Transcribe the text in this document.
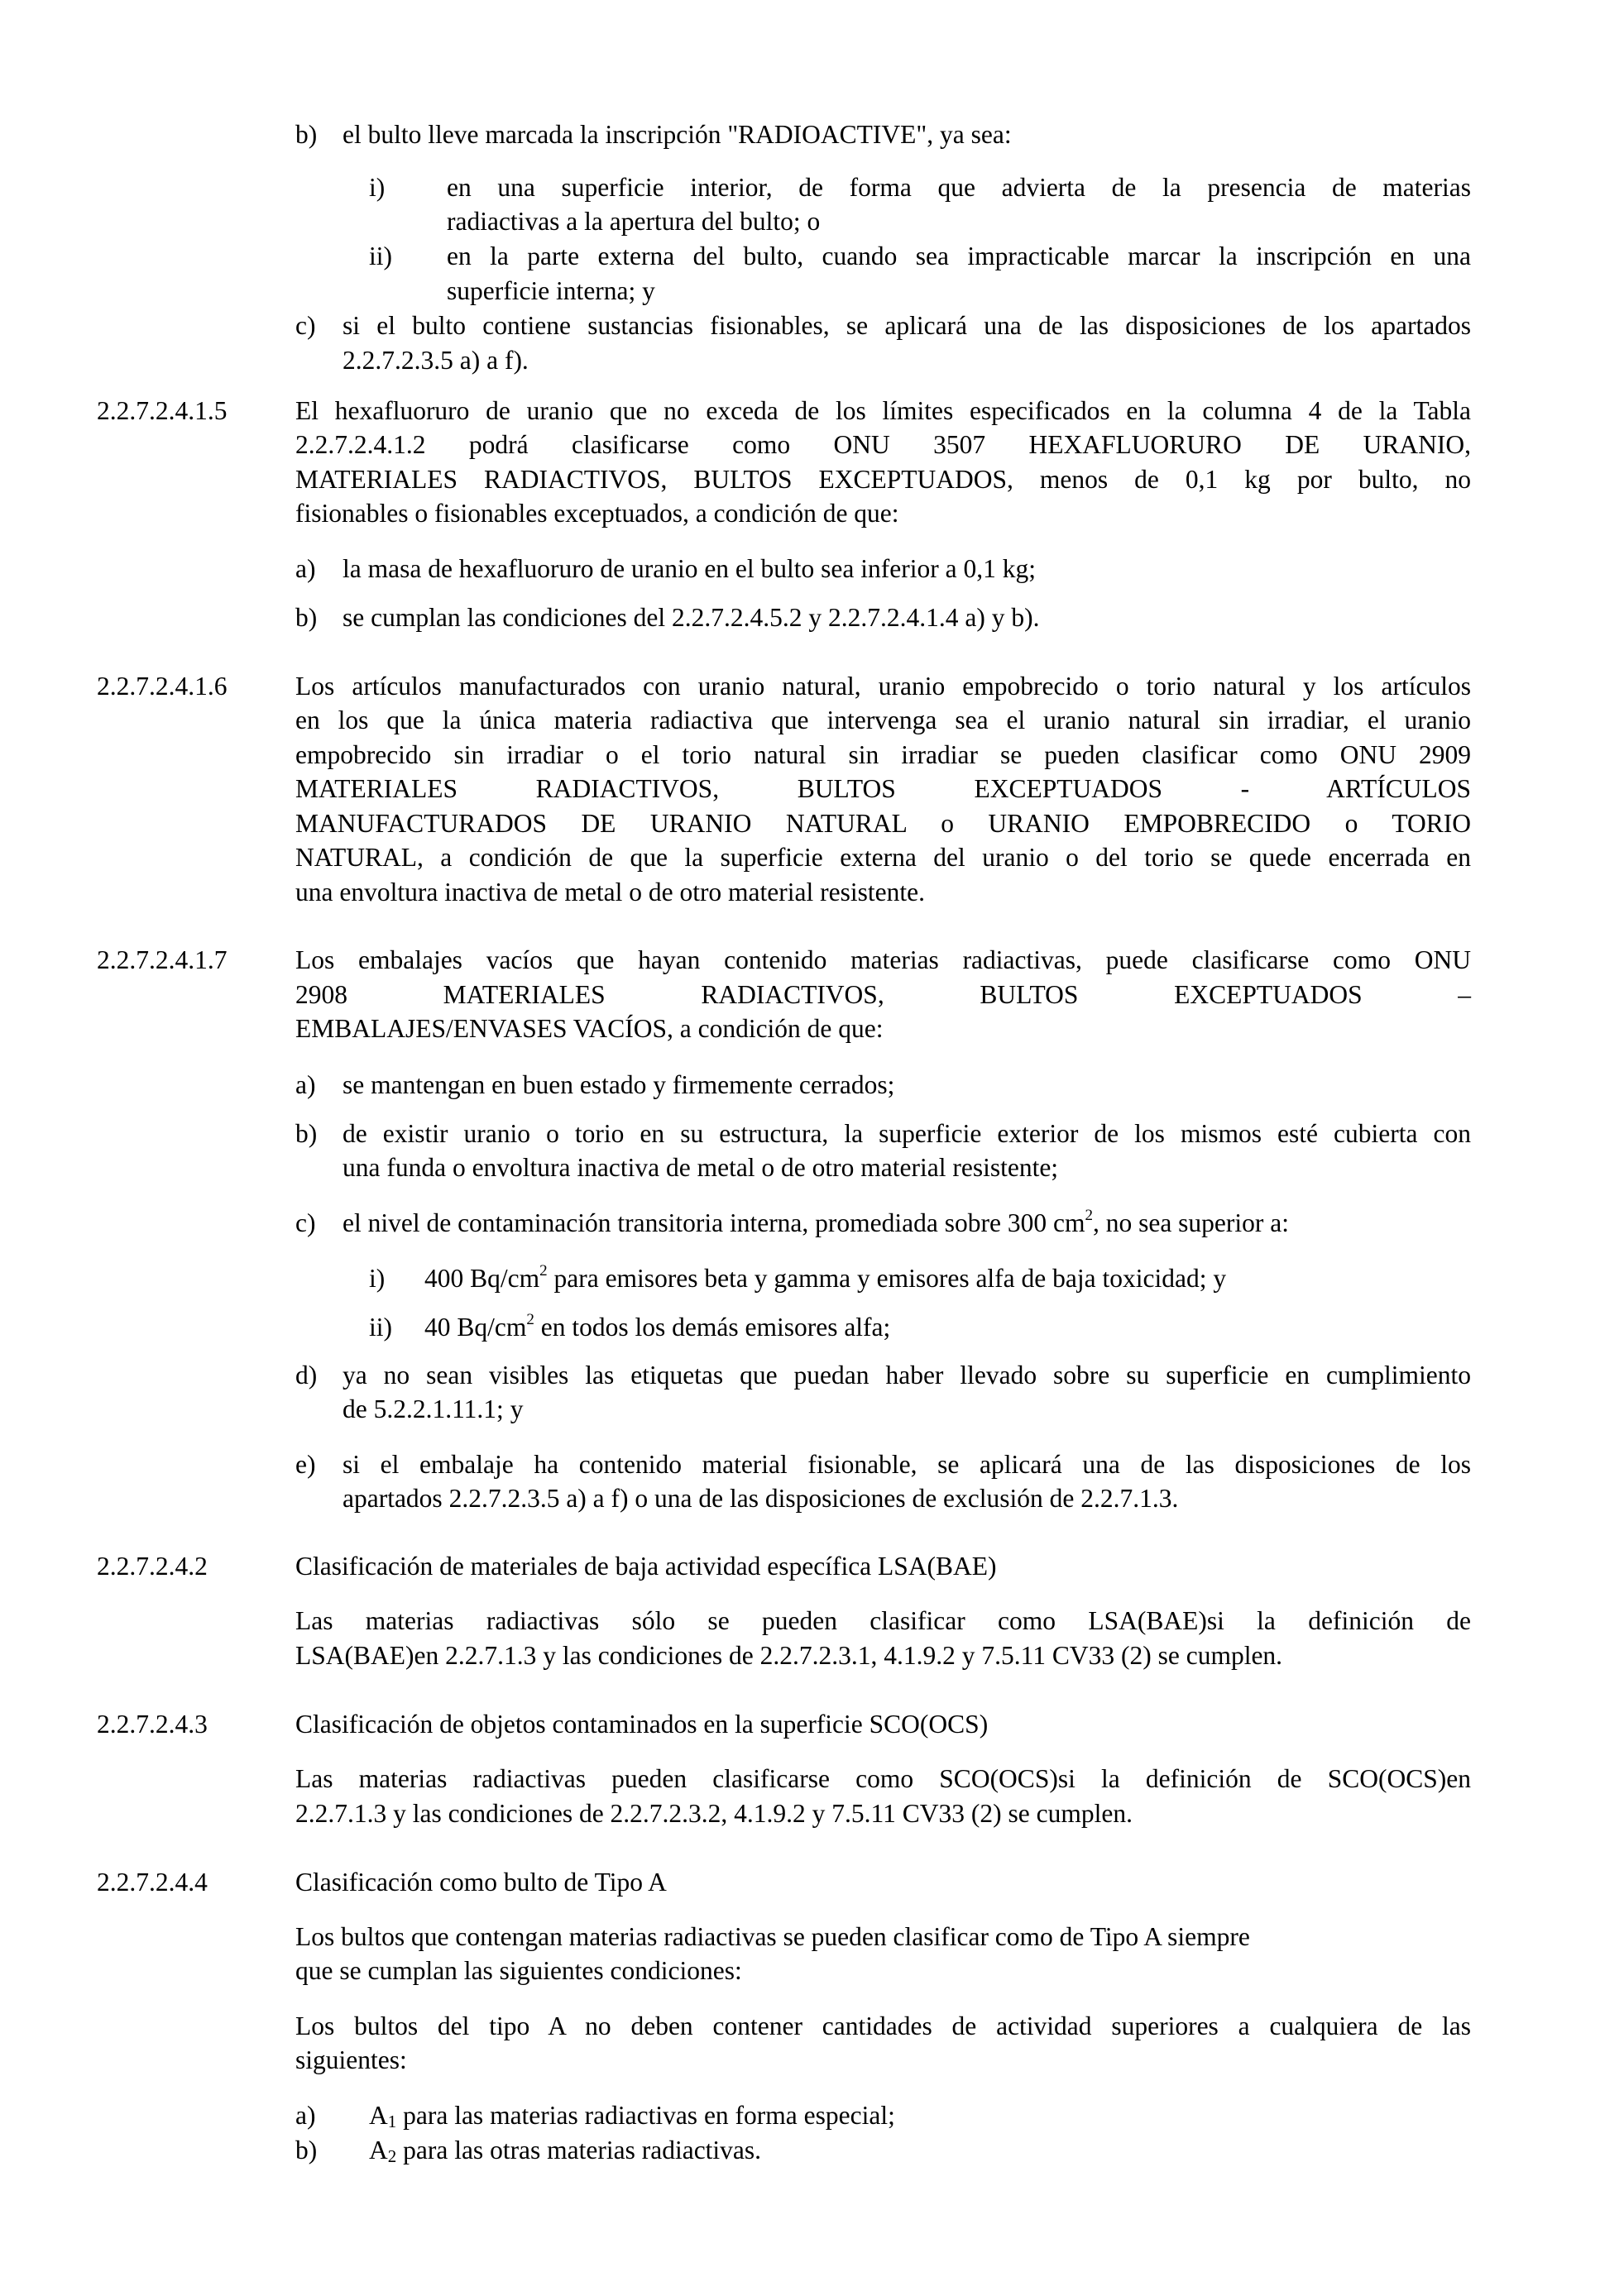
b) el bulto lleve marcada la inscripción "RADIOACTIVE", ya sea:
i) en una superficie interior, de forma que advierta de la presencia de materias
radiactivas a la apertura del bulto; o
ii) en la parte externa del bulto, cuando sea impracticable marcar la inscripción en una
superficie interna; y
c) si el bulto contiene sustancias fisionables, se aplicará una de las disposiciones de los apartados
2.2.7.2.3.5 a) a f).
2.2.7.2.4.1.5	El hexafluoruro de uranio que no exceda de los límites especificados en la columna 4 de la Tabla
2.2.7.2.4.1.2 podrá clasificarse como ONU 3507 HEXAFLUORURO DE URANIO,
MATERIALES RADIACTIVOS, BULTOS EXCEPTUADOS, menos de 0,1 kg por bulto, no
fisionables o fisionables exceptuados, a condición de que:
a) la masa de hexafluoruro de uranio en el bulto sea inferior a 0,1 kg;
b) se cumplan las condiciones del 2.2.7.2.4.5.2 y 2.2.7.2.4.1.4 a) y b).
2.2.7.2.4.1.6	Los artículos manufacturados con uranio natural, uranio empobrecido o torio natural y los artículos
en los que la única materia radiactiva que intervenga sea el uranio natural sin irradiar, el uranio
empobrecido sin irradiar o el torio natural sin irradiar se pueden clasificar como ONU 2909
MATERIALES RADIACTIVOS, BULTOS EXCEPTUADOS - ARTÍCULOS
MANUFACTURADOS DE URANIO NATURAL o URANIO EMPOBRECIDO o TORIO
NATURAL, a condición de que la superficie externa del uranio o del torio se quede encerrada en
una envoltura inactiva de metal o de otro material resistente.
2.2.7.2.4.1.7	Los embalajes vacíos que hayan contenido materias radiactivas, puede clasificarse como ONU
2908 MATERIALES RADIACTIVOS, BULTOS EXCEPTUADOS –
EMBALAJES/ENVASES VACÍOS, a condición de que:
a) se mantengan en buen estado y firmemente cerrados;
b) de existir uranio o torio en su estructura, la superficie exterior de los mismos esté cubierta con
una funda o envoltura inactiva de metal o de otro material resistente;
c) el nivel de contaminación transitoria interna, promediada sobre 300 $cm^2$, no sea superior a:
i) 400 $Bq/cm^2$ para emisores beta y gamma y emisores alfa de baja toxicidad; y
ii) 40 $Bq/cm^2$ en todos los demás emisores alfa;
d) ya no sean visibles las etiquetas que puedan haber llevado sobre su superficie en cumplimiento
de 5.2.2.1.11.1; y
e) si el embalaje ha contenido material fisionable, se aplicará una de las disposiciones de los
apartados 2.2.7.2.3.5 a) a f) o una de las disposiciones de exclusión de 2.2.7.1.3.
2.2.7.2.4.2	Clasificación de materiales de baja actividad específica LSA(BAE)
Las materias radiactivas sólo se pueden clasificar como LSA(BAE)si la definición de
LSA(BAE)en 2.2.7.1.3 y las condiciones de 2.2.7.2.3.1, 4.1.9.2 y 7.5.11 CV33 (2) se cumplen.
2.2.7.2.4.3	Clasificación de objetos contaminados en la superficie SCO(OCS)
Las materias radiactivas pueden clasificarse como SCO(OCS)si la definición de SCO(OCS)en
2.2.7.1.3 y las condiciones de 2.2.7.2.3.2, 4.1.9.2 y 7.5.11 CV33 (2) se cumplen.
2.2.7.2.4.4	Clasificación como bulto de Tipo A
Los bultos que contengan materias radiactivas se pueden clasificar como de Tipo A siempre
que se cumplan las siguientes condiciones:
Los bultos del tipo A no deben contener cantidades de actividad superiores a cualquiera de las
siguientes:
a) $A_1$ para las materias radiactivas en forma especial;
b) $A_2$ para las otras materias radiactivas.
